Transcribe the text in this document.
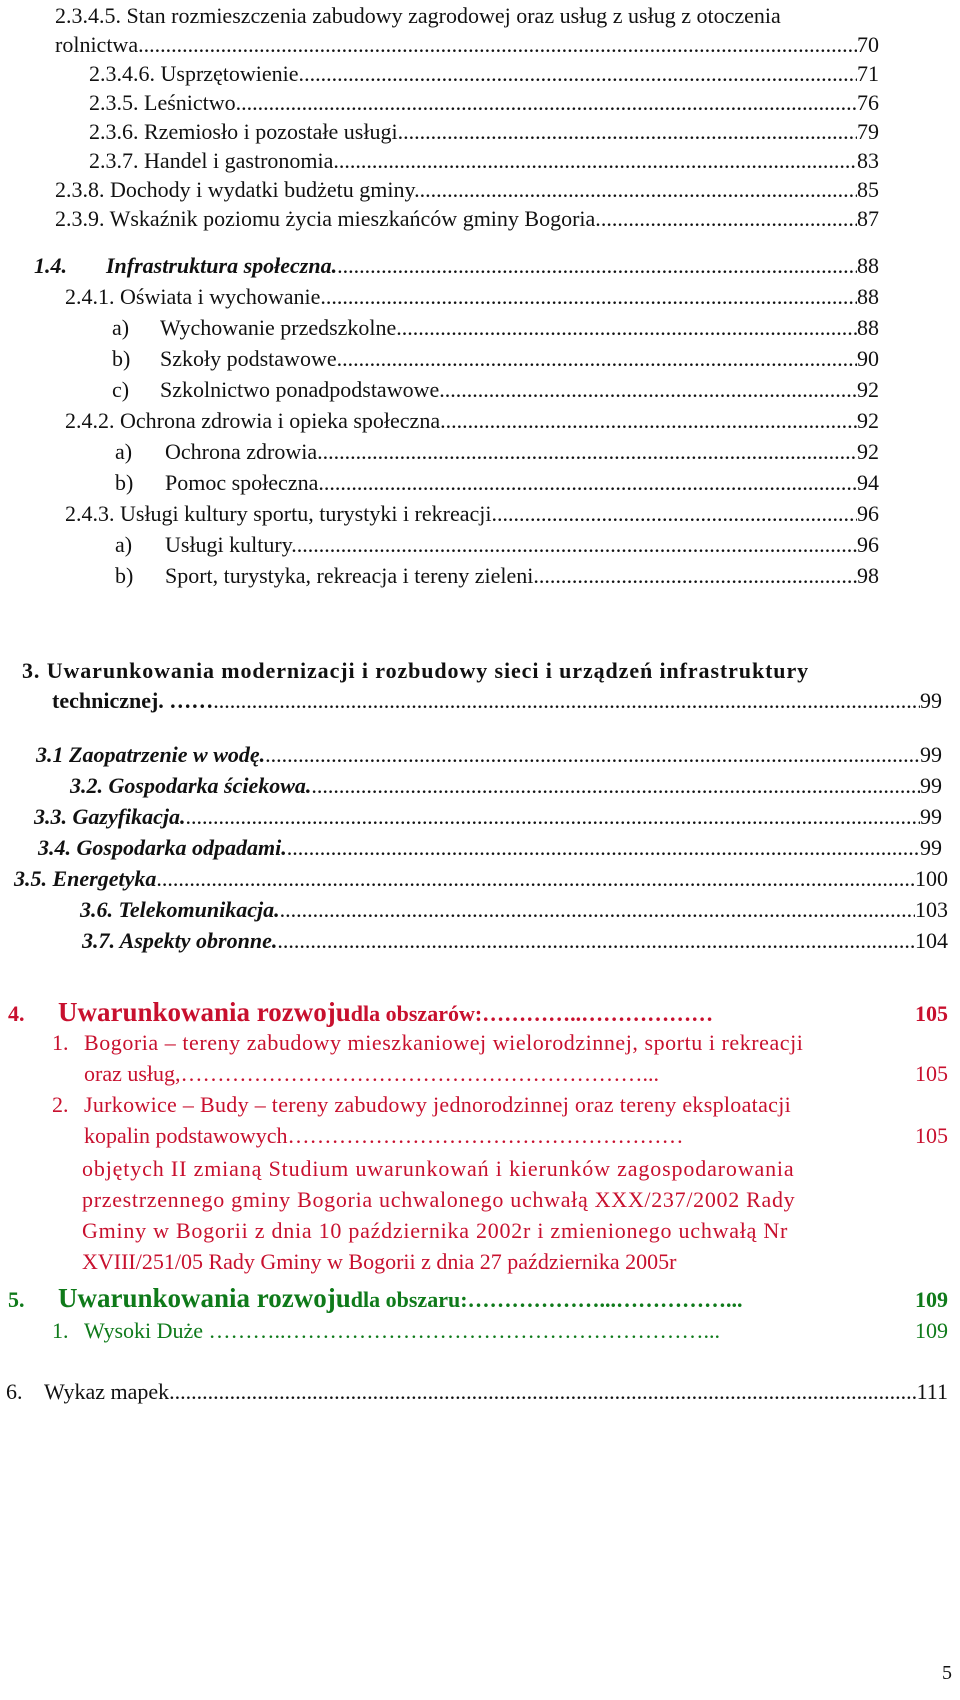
2.3.4.5. Stan rozmieszczenia zabudowy zagrodowej oraz usług z usług z otoczenia
rolnictwa. .....	70
2.3.4.6. Usprzętowienie. .....	71
2.3.5. Leśnictwo. .....	76
2.3.6. Rzemiosło i pozostałe usługi. .....	79
2.3.7. Handel i gastronomia. .....	83
2.3.8. Dochody i wydatki budżetu gminy. .....	85
2.3.9. Wskaźnik poziomu życia mieszkańców gminy Bogoria. .....	87
1.4.	Infrastruktura społeczna. .....	88
2.4.1. Oświata i wychowanie. .....	88
a)	Wychowanie przedszkolne. .....	88
b)	Szkoły podstawowe. .....	90
c)	Szkolnictwo ponadpodstawowe. .....	92
2.4.2. Ochrona zdrowia i opieka społeczna. .....	92
a)	Ochrona zdrowia. .....	92
b)	Pomoc społeczna. .....	94
2.4.3. Usługi kultury sportu, turystyki i rekreacji. .....	96
a)	Usługi kultury. .....	96
b)	Sport, turystyka, rekreacja i tereny zieleni. .....	98
3. Uwarunkowania modernizacji i rozbudowy sieci i urządzeń infrastruktury
technicznej. …… .....	99
3.1 Zaopatrzenie w wodę. .....	99
3.2. Gospodarka ściekowa. .....	99
3.3. Gazyfikacja. .....	99
3.4. Gospodarka odpadami. .....	99
3.5. Energetyka .....	100
3.6. Telekomunikacja. .....	103
3.7. Aspekty obronne. .....	104
4.	Uwarunkowania rozwoju dla obszarów:…………..………………	105
1. Bogoria – tereny zabudowy mieszkaniowej wielorodzinnej, sportu i rekreacji
oraz usług,………………………………………………………...	105
2. Jurkowice – Budy – tereny zabudowy jednorodzinnej oraz tereny eksploatacji
kopalin podstawowych………………………………………………	105
objętych II zmianą Studium uwarunkowań i kierunków zagospodarowania
przestrzennego gminy Bogoria uchwalonego uchwałą XXX/237/2002 Rady
Gminy w Bogorii z dnia 10 października 2002r i zmienionego uchwałą Nr
XVIII/251/05 Rady Gminy w Bogorii z dnia 27 października 2005r
5.	Uwarunkowania rozwoju dla obszaru:………………...……………...	109
1. Wysoki Duże ………..…………………………………………………...	109
6. Wykaz mapek .....	111
5
